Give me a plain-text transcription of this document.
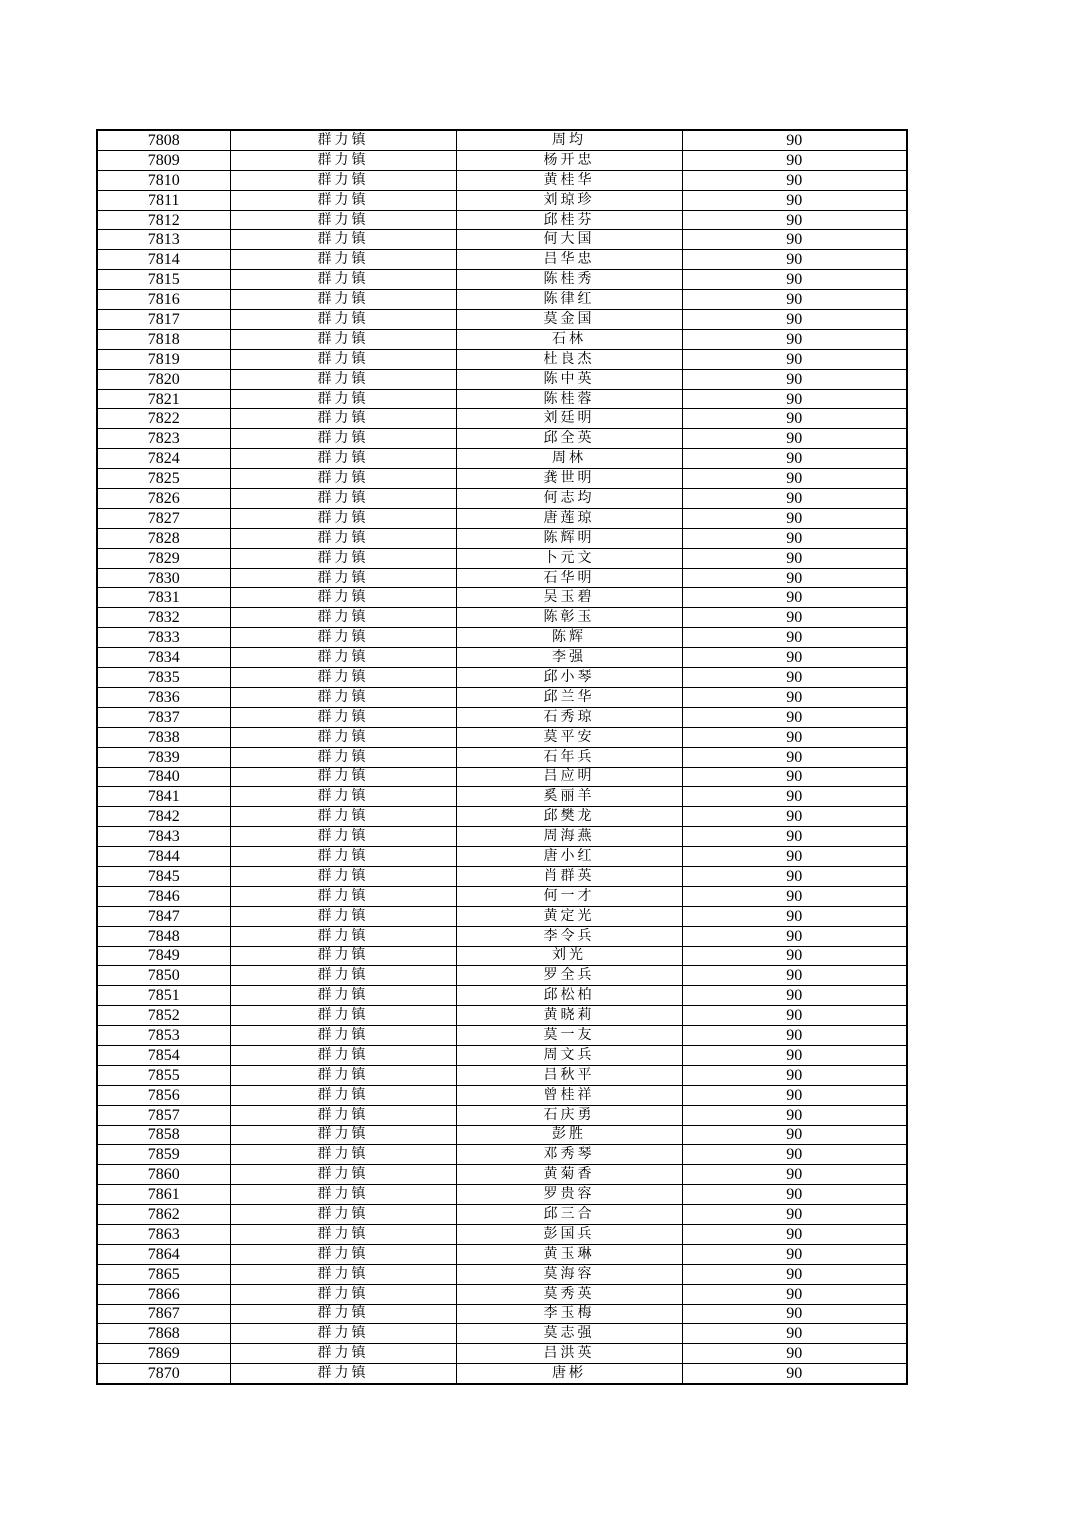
7808	群力镇	周均	90
7809	群力镇	杨开忠	90
7810	群力镇	黄桂华	90
7811	群力镇	刘琼珍	90
7812	群力镇	邱桂芬	90
7813	群力镇	何大国	90
7814	群力镇	吕华忠	90
7815	群力镇	陈桂秀	90
7816	群力镇	陈律红	90
7817	群力镇	莫金国	90
7818	群力镇	石林	90
7819	群力镇	杜良杰	90
7820	群力镇	陈中英	90
7821	群力镇	陈桂蓉	90
7822	群力镇	刘廷明	90
7823	群力镇	邱全英	90
7824	群力镇	周林	90
7825	群力镇	龚世明	90
7826	群力镇	何志均	90
7827	群力镇	唐莲琼	90
7828	群力镇	陈辉明	90
7829	群力镇	卜元文	90
7830	群力镇	石华明	90
7831	群力镇	吴玉碧	90
7832	群力镇	陈彰玉	90
7833	群力镇	陈辉	90
7834	群力镇	李强	90
7835	群力镇	邱小琴	90
7836	群力镇	邱兰华	90
7837	群力镇	石秀琼	90
7838	群力镇	莫平安	90
7839	群力镇	石年兵	90
7840	群力镇	吕应明	90
7841	群力镇	奚丽羊	90
7842	群力镇	邱樊龙	90
7843	群力镇	周海燕	90
7844	群力镇	唐小红	90
7845	群力镇	肖群英	90
7846	群力镇	何一才	90
7847	群力镇	黄定光	90
7848	群力镇	李令兵	90
7849	群力镇	刘光	90
7850	群力镇	罗全兵	90
7851	群力镇	邱松柏	90
7852	群力镇	黄晓莉	90
7853	群力镇	莫一友	90
7854	群力镇	周文兵	90
7855	群力镇	吕秋平	90
7856	群力镇	曾桂祥	90
7857	群力镇	石庆勇	90
7858	群力镇	彭胜	90
7859	群力镇	邓秀琴	90
7860	群力镇	黄菊香	90
7861	群力镇	罗贵容	90
7862	群力镇	邱三合	90
7863	群力镇	彭国兵	90
7864	群力镇	黄玉琳	90
7865	群力镇	莫海容	90
7866	群力镇	莫秀英	90
7867	群力镇	李玉梅	90
7868	群力镇	莫志强	90
7869	群力镇	吕洪英	90
7870	群力镇	唐彬	90
